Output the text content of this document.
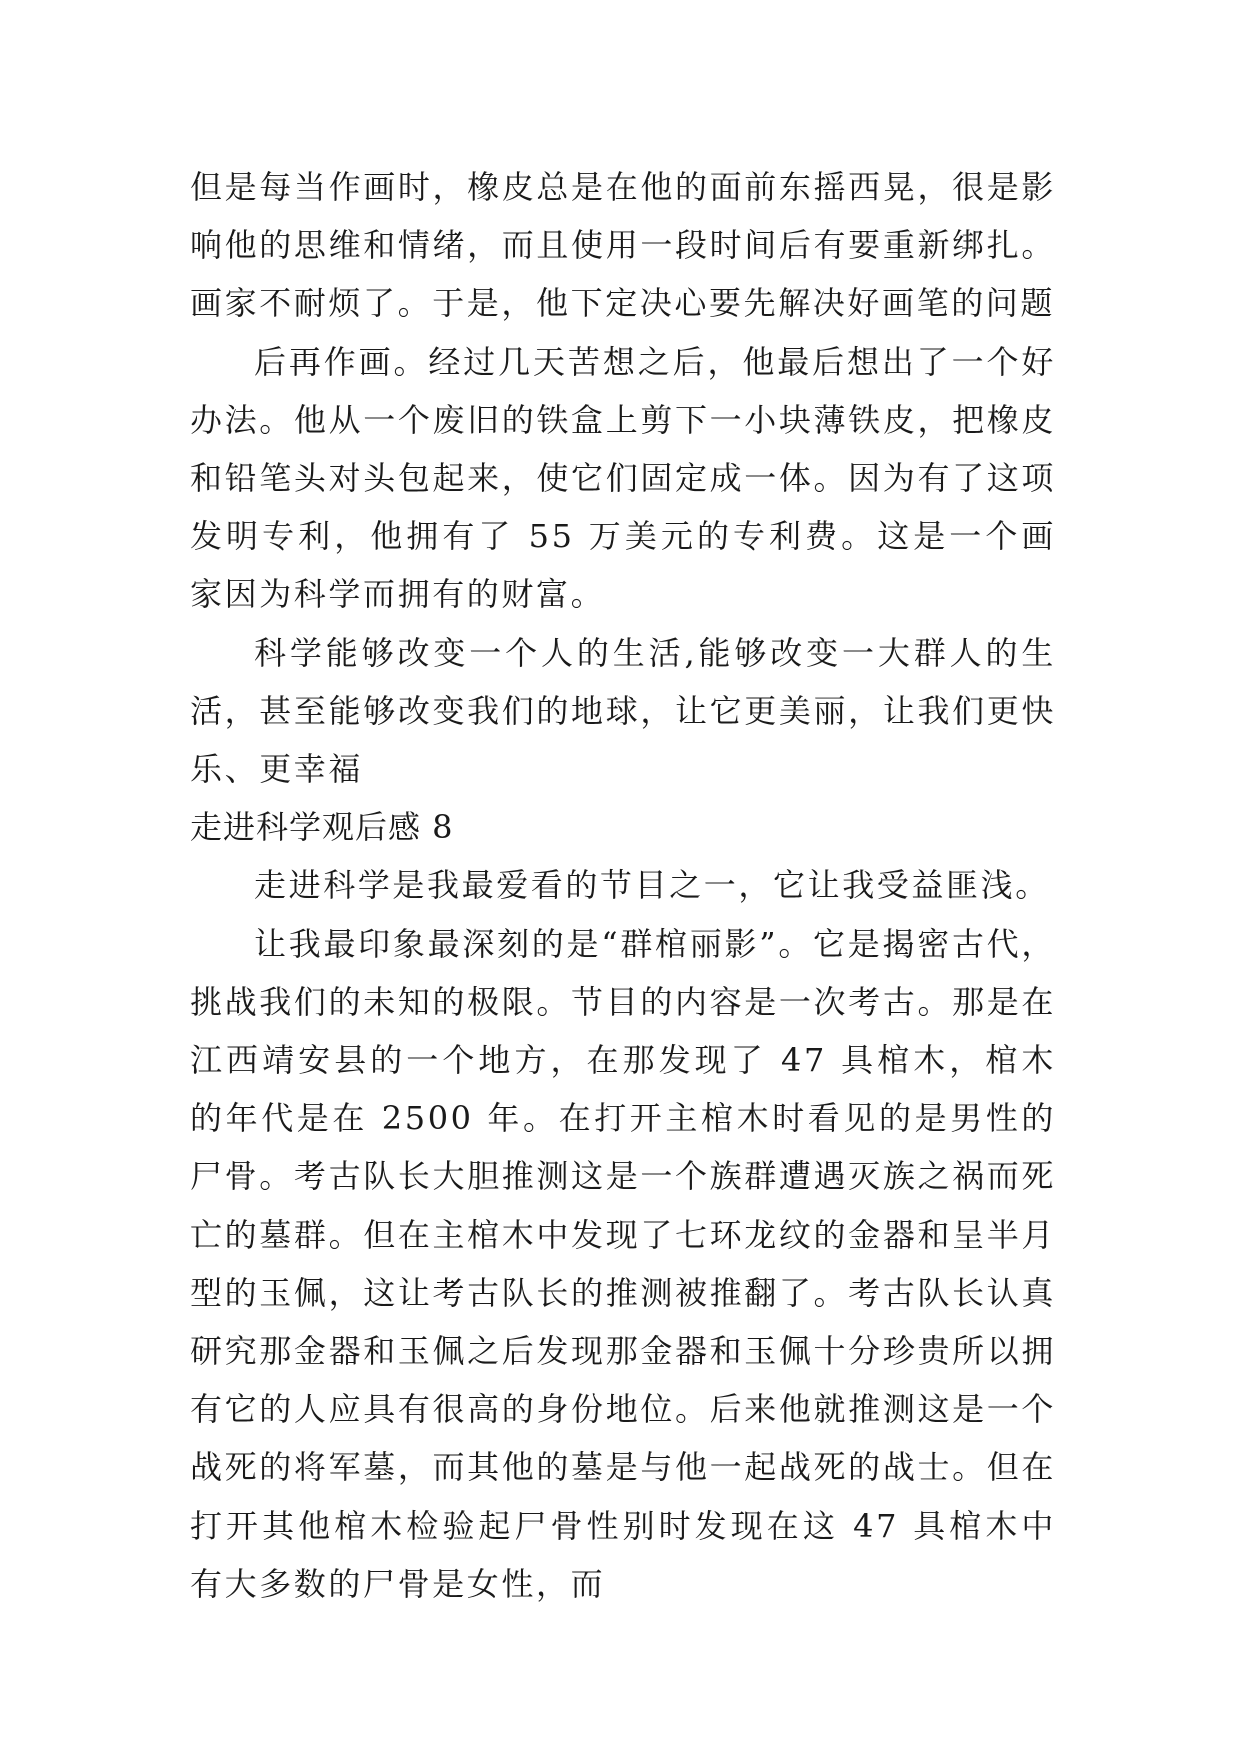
但是每当作画时，橡皮总是在他的面前东摇西晃，很是影响他的思维和情绪，而且使用一段时间后有要重新绑扎。画家不耐烦了。于是，他下定决心要先解决好画笔的问题

后再作画。经过几天苦想之后，他最后想出了一个好办法。他从一个废旧的铁盒上剪下一小块薄铁皮，把橡皮和铅笔头对头包起来，使它们固定成一体。因为有了这项发明专利，他拥有了 55 万美元的专利费。这是一个画家因为科学而拥有的财富。

科学能够改变一个人的生活,能够改变一大群人的生活，甚至能够改变我们的地球，让它更美丽，让我们更快乐、更幸福

走进科学观后感 8

走进科学是我最爱看的节目之一，它让我受益匪浅。

让我最印象最深刻的是“群棺丽影”。它是揭密古代，挑战我们的未知的极限。节目的内容是一次考古。那是在江西靖安县的一个地方，在那发现了 47 具棺木，棺木的年代是在 2500 年。在打开主棺木时看见的是男性的尸骨。考古队长大胆推测这是一个族群遭遇灭族之祸而死亡的墓群。但在主棺木中发现了七环龙纹的金器和呈半月型的玉佩，这让考古队长的推测被推翻了。考古队长认真研究那金器和玉佩之后发现那金器和玉佩十分珍贵所以拥有它的人应具有很高的身份地位。后来他就推测这是一个战死的将军墓，而其他的墓是与他一起战死的战士。但在打开其他棺木检验起尸骨性别时发现在这 47 具棺木中有大多数的尸骨是女性，而
